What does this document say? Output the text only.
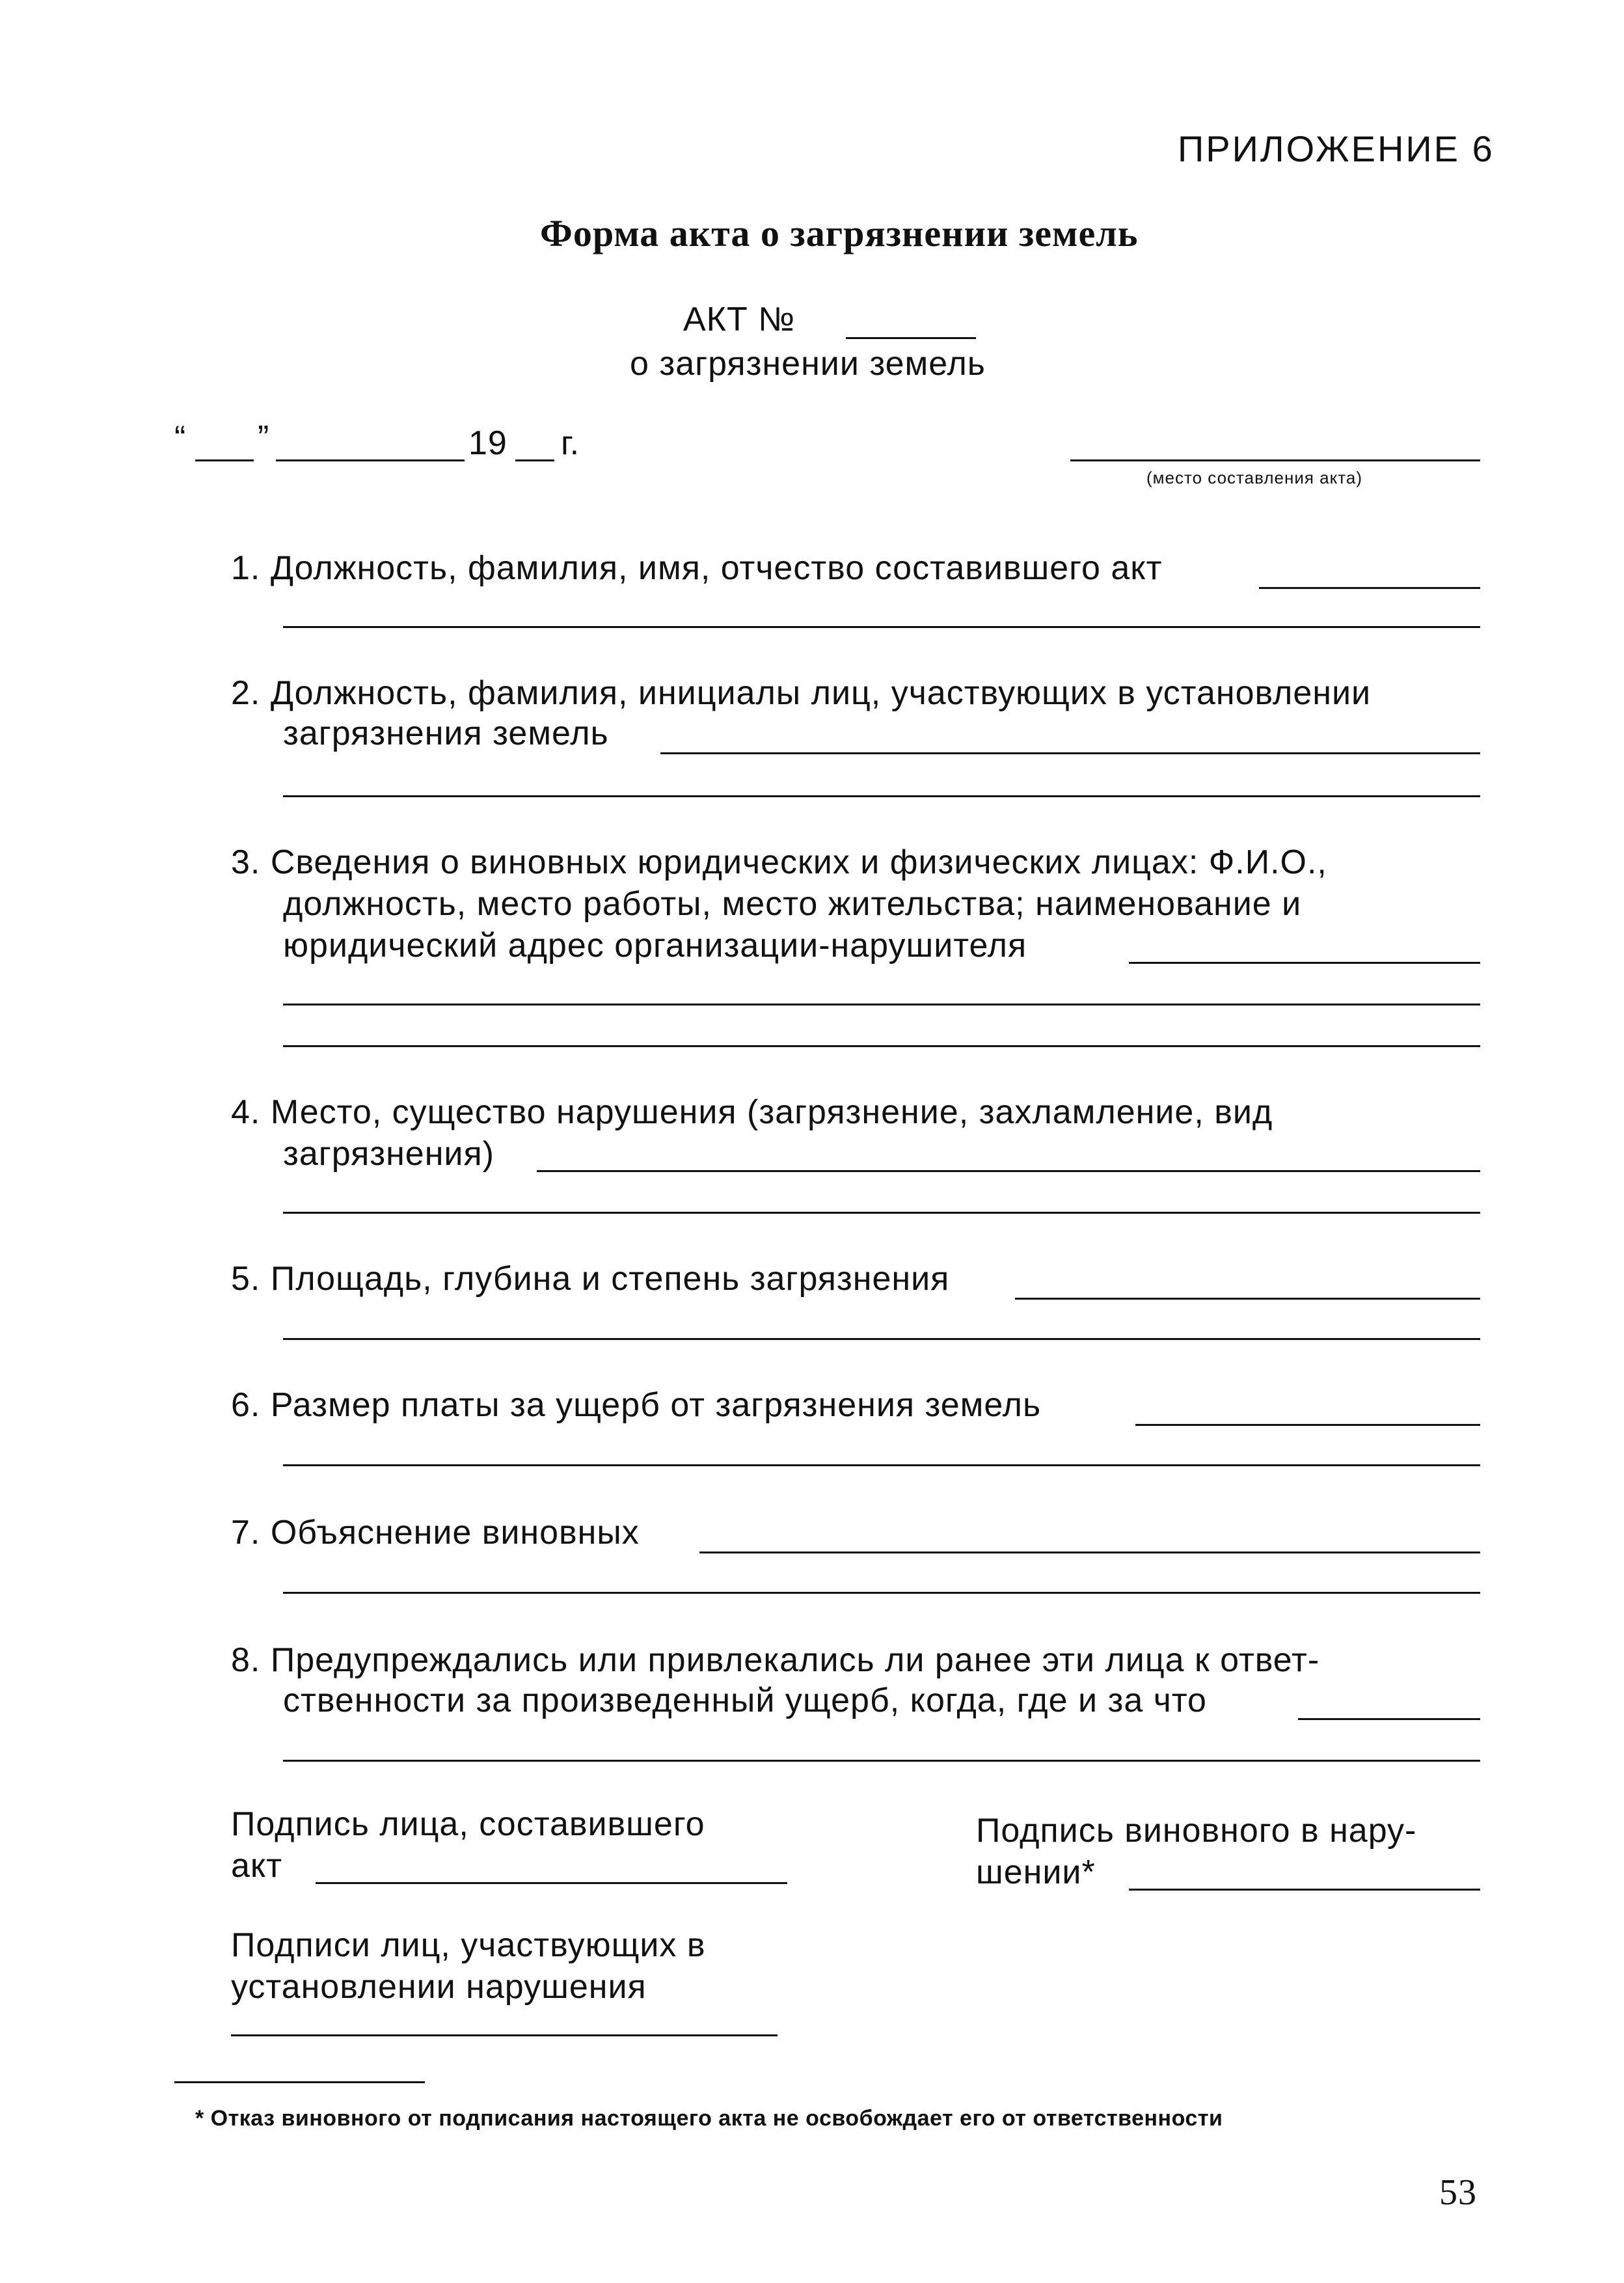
ПРИЛОЖЕНИЕ 6
Форма акта о загрязнении земель
АКТ №
о загрязнении земель
“ ”	19 г.
(место составления акта)
1. Должность, фамилия, имя, отчество составившего акт
2. Должность, фамилия, инициалы лиц, участвующих в установлении
загрязнения земель
3. Сведения о виновных юридических и физических лицах: Ф.И.О.,
должность, место работы, место жительства; наименование и
юридический адрес организации-нарушителя
4. Место, существо нарушения (загрязнение, захламление, вид
загрязнения)
5. Площадь, глубина и степень загрязнения
6. Размер платы за ущерб от загрязнения земель
7. Объяснение виновных
8. Предупреждались или привлекались ли ранее эти лица к ответ-
ственности за произведенный ущерб, когда, где и за что
Подпись лица, составившего
акт
Подпись виновного в нару-
шении*
Подписи лиц, участвующих в
установлении нарушения
* Отказ виновного от подписания настоящего акта не освобождает его от ответственности
53
